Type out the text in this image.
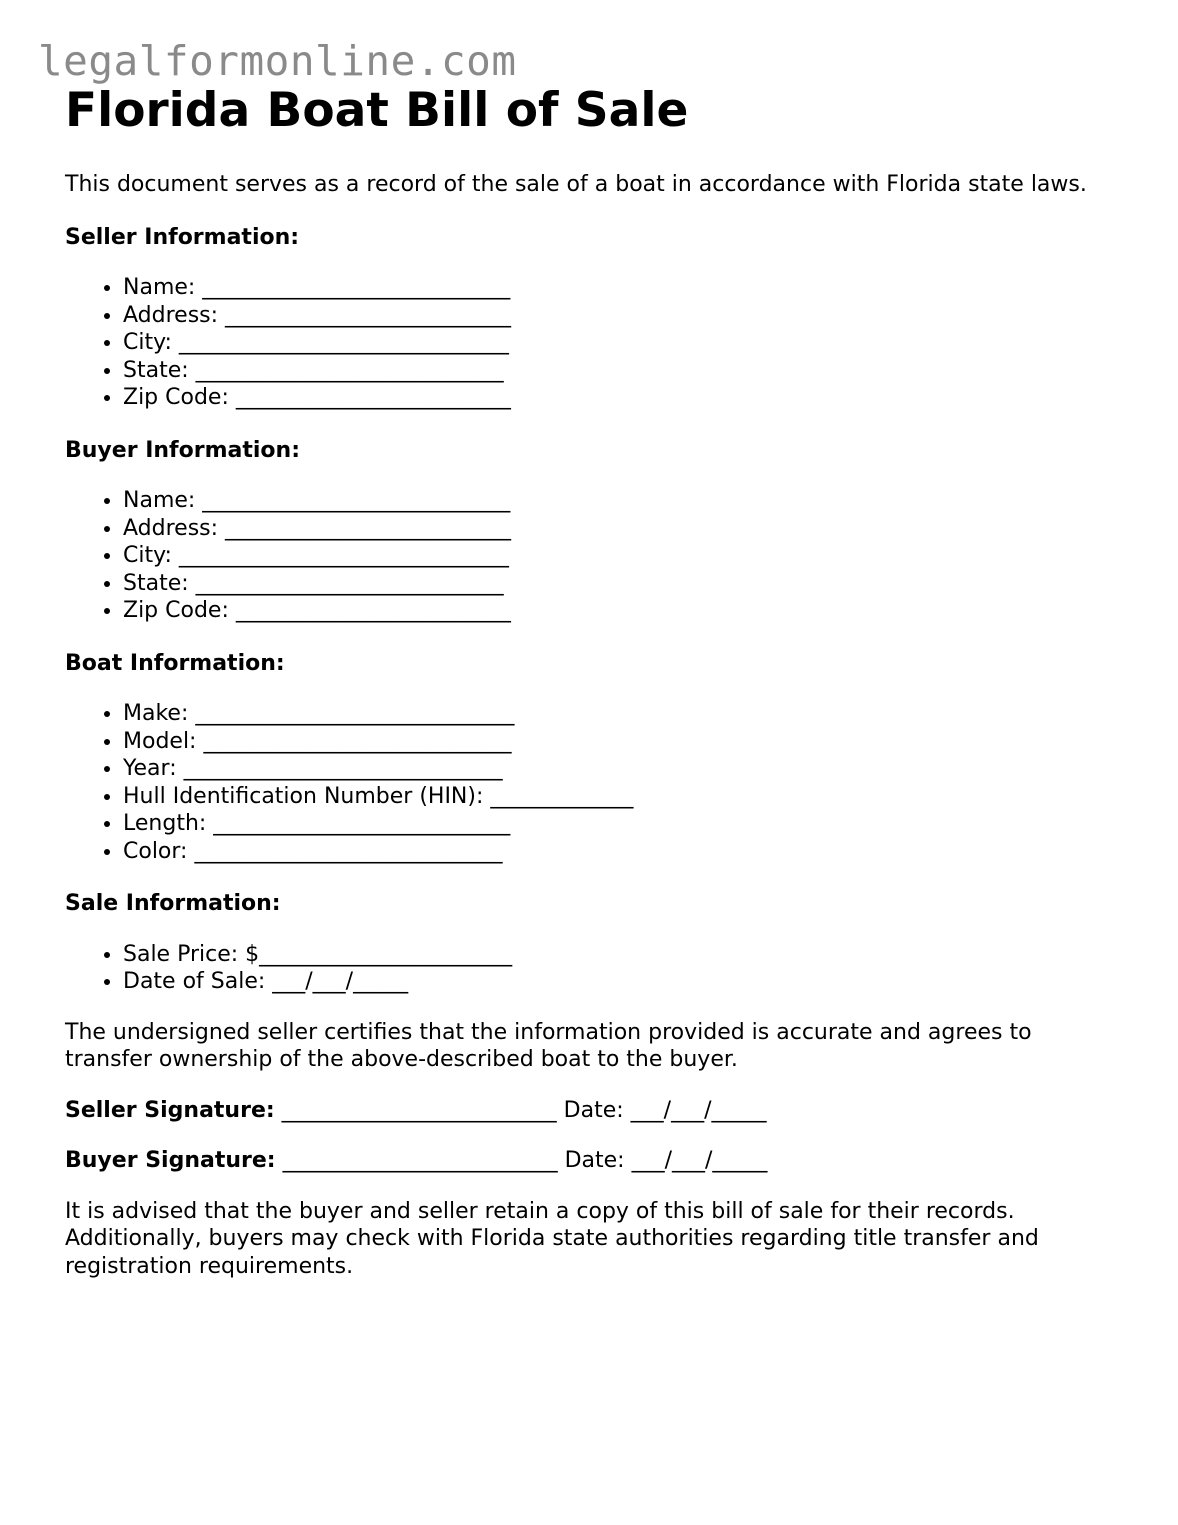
legalformonline.com
Florida Boat Bill of Sale

This document serves as a record of the sale of a boat in accordance with Florida state laws.

Seller Information:
• Name: ____________________________
• Address: __________________________
• City: ______________________________
• State: ____________________________
• Zip Code: _________________________
Buyer Information:
• Name: ____________________________
• Address: __________________________
• City: ______________________________
• State: ____________________________
• Zip Code: _________________________
Boat Information:
• Make: _____________________________
• Model: ____________________________
• Year: _____________________________
• Hull Identification Number (HIN): _____________
• Length: ___________________________
• Color: ____________________________
Sale Information:
• Sale Price: $_______________________
• Date of Sale: ___/___/_____

The undersigned seller certifies that the information provided is accurate and agrees to transfer ownership of the above-described boat to the buyer.

Seller Signature: _________________________ Date: ___/___/_____
Buyer Signature: _________________________ Date: ___/___/_____

It is advised that the buyer and seller retain a copy of this bill of sale for their records. Additionally, buyers may check with Florida state authorities regarding title transfer and registration requirements.
